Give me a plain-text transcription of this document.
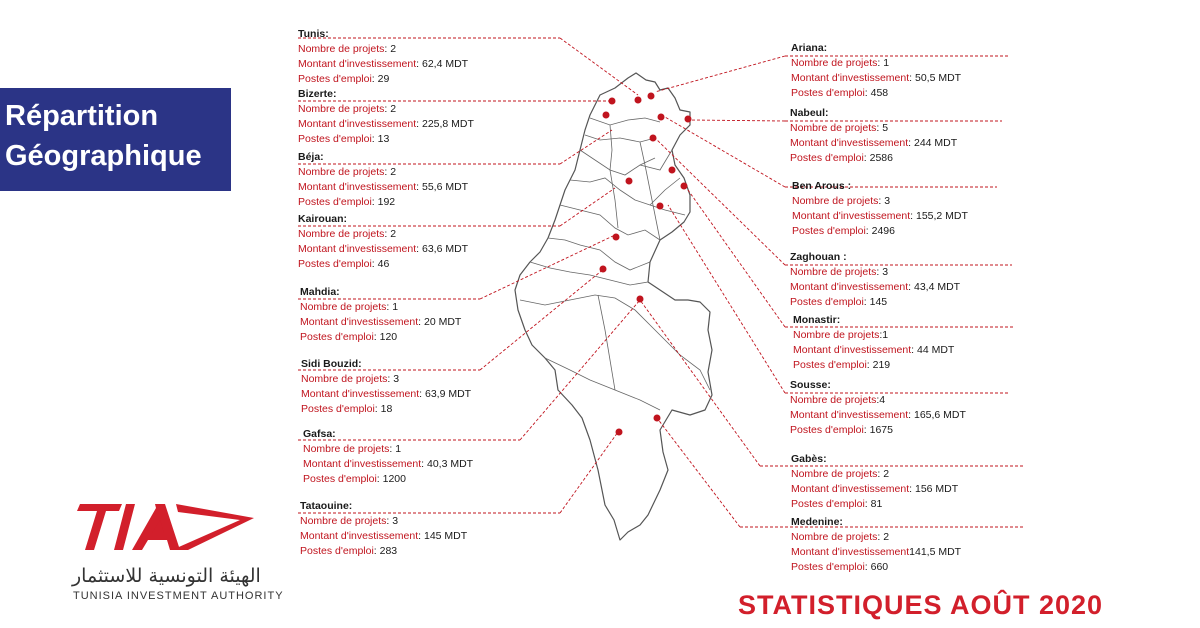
Répartition
Géographique
Tunis:
Nombre de projets: 2
Montant d'investissement: 62,4 MDT
Postes d'emploi: 29
Bizerte:
Nombre de projets: 2
Montant d'investissement: 225,8 MDT
Postes d'emploi: 13
Béja:
Nombre de projets: 2
Montant d'investissement: 55,6 MDT
Postes d'emploi: 192
Kairouan:
Nombre de projets: 2
Montant d'investissement: 63,6 MDT
Postes d'emploi: 46
Mahdia:
Nombre de projets: 1
Montant d'investissement: 20 MDT
Postes d'emploi: 120
Sidi Bouzid:
Nombre de projets: 3
Montant d'investissement: 63,9 MDT
Postes d'emploi: 18
Gafsa:
Nombre de projets: 1
Montant d'investissement: 40,3 MDT
Postes d'emploi: 1200
Tataouine:
Nombre de projets: 3
Montant d'investissement: 145 MDT
Postes d'emploi: 283
Ariana:
Nombre de projets: 1
Montant d'investissement: 50,5 MDT
Postes d'emploi: 458
Nabeul:
Nombre de projets: 5
Montant d'investissement: 244 MDT
Postes d'emploi: 2586
Ben Arous :
Nombre de projets: 3
Montant d'investissement: 155,2 MDT
Postes d'emploi: 2496
Zaghouan :
Nombre de projets: 3
Montant d'investissement: 43,4 MDT
Postes d'emploi: 145
Monastir:
Nombre de projets:1
Montant d'investissement: 44 MDT
Postes d'emploi: 219
Sousse:
Nombre de projets:4
Montant d'investissement: 165,6 MDT
Postes d'emploi: 1675
Gabès:
Nombre de projets: 2
Montant d'investissement: 156 MDT
Postes d'emploi: 81
Medenine:
Nombre de projets: 2
Montant d'investissement141,5 MDT
Postes d'emploi: 660
الهيئة التونسية للاستثمار
TUNISIA INVESTMENT AUTHORITY	STATISTIQUES AOÛT 2020
